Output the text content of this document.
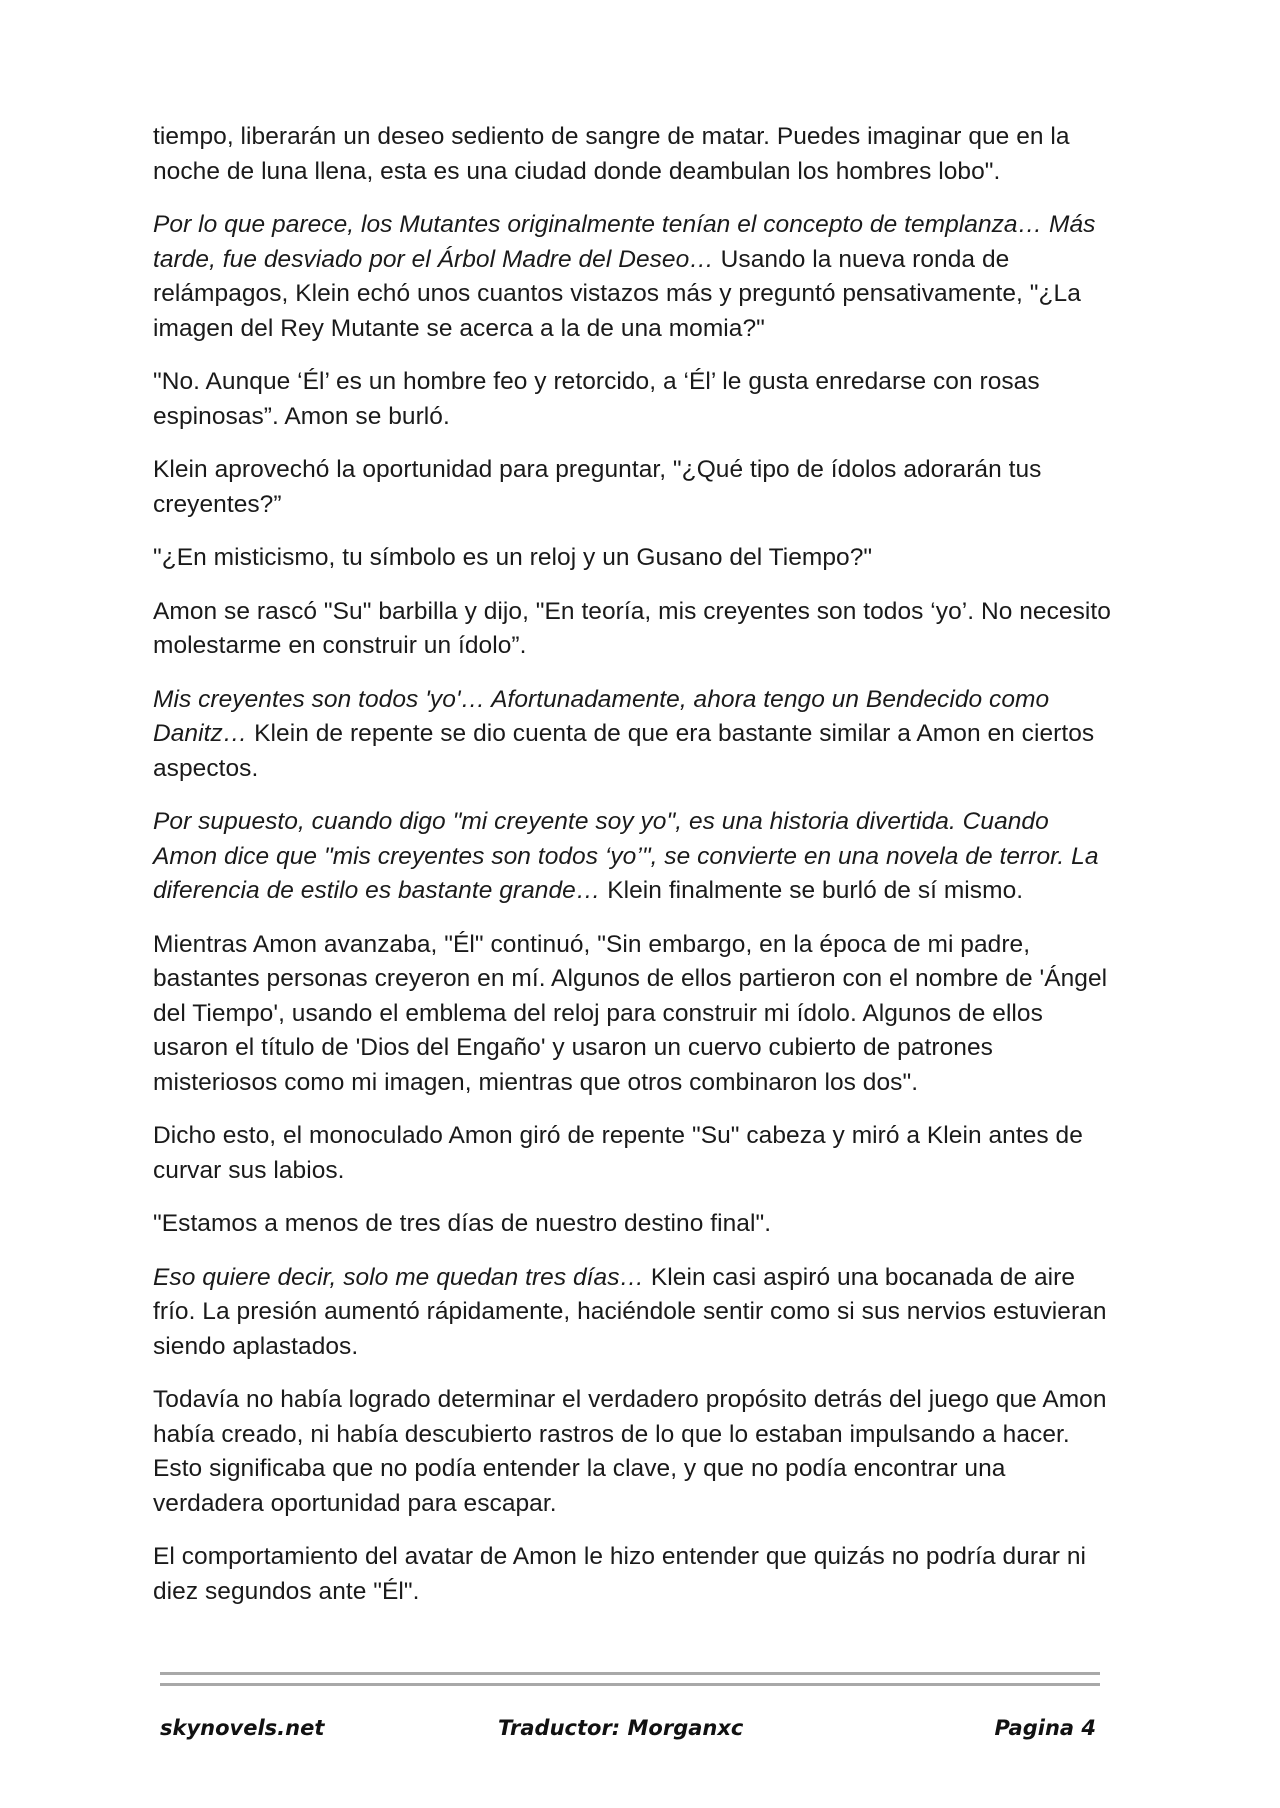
tiempo, liberarán un deseo sediento de sangre de matar. Puedes imaginar que en la noche de luna llena, esta es una ciudad donde deambulan los hombres lobo".

Por lo que parece, los Mutantes originalmente tenían el concepto de templanza… Más tarde, fue desviado por el Árbol Madre del Deseo… Usando la nueva ronda de relámpagos, Klein echó unos cuantos vistazos más y preguntó pensativamente, "¿La imagen del Rey Mutante se acerca a la de una momia?"

"No. Aunque ‘Él’ es un hombre feo y retorcido, a ‘Él’ le gusta enredarse con rosas espinosas”. Amon se burló.

Klein aprovechó la oportunidad para preguntar, "¿Qué tipo de ídolos adorarán tus creyentes?”

"¿En misticismo, tu símbolo es un reloj y un Gusano del Tiempo?"

Amon se rascó "Su" barbilla y dijo, "En teoría, mis creyentes son todos ‘yo’. No necesito molestarme en construir un ídolo”.

Mis creyentes son todos 'yo'… Afortunadamente, ahora tengo un Bendecido como Danitz… Klein de repente se dio cuenta de que era bastante similar a Amon en ciertos aspectos.

Por supuesto, cuando digo "mi creyente soy yo", es una historia divertida. Cuando Amon dice que "mis creyentes son todos ‘yo’", se convierte en una novela de terror. La diferencia de estilo es bastante grande… Klein finalmente se burló de sí mismo.

Mientras Amon avanzaba, "Él" continuó, "Sin embargo, en la época de mi padre, bastantes personas creyeron en mí. Algunos de ellos partieron con el nombre de 'Ángel del Tiempo', usando el emblema del reloj para construir mi ídolo. Algunos de ellos usaron el título de 'Dios del Engaño' y usaron un cuervo cubierto de patrones misteriosos como mi imagen, mientras que otros combinaron los dos".

Dicho esto, el monoculado Amon giró de repente "Su" cabeza y miró a Klein antes de curvar sus labios.

"Estamos a menos de tres días de nuestro destino final".

Eso quiere decir, solo me quedan tres días… Klein casi aspiró una bocanada de aire frío. La presión aumentó rápidamente, haciéndole sentir como si sus nervios estuvieran siendo aplastados.

Todavía no había logrado determinar el verdadero propósito detrás del juego que Amon había creado, ni había descubierto rastros de lo que lo estaban impulsando a hacer. Esto significaba que no podía entender la clave, y que no podía encontrar una verdadera oportunidad para escapar.

El comportamiento del avatar de Amon le hizo entender que quizás no podría durar ni diez segundos ante "Él".

skynovels.net	Traductor: Morganxc	Pagina 4
